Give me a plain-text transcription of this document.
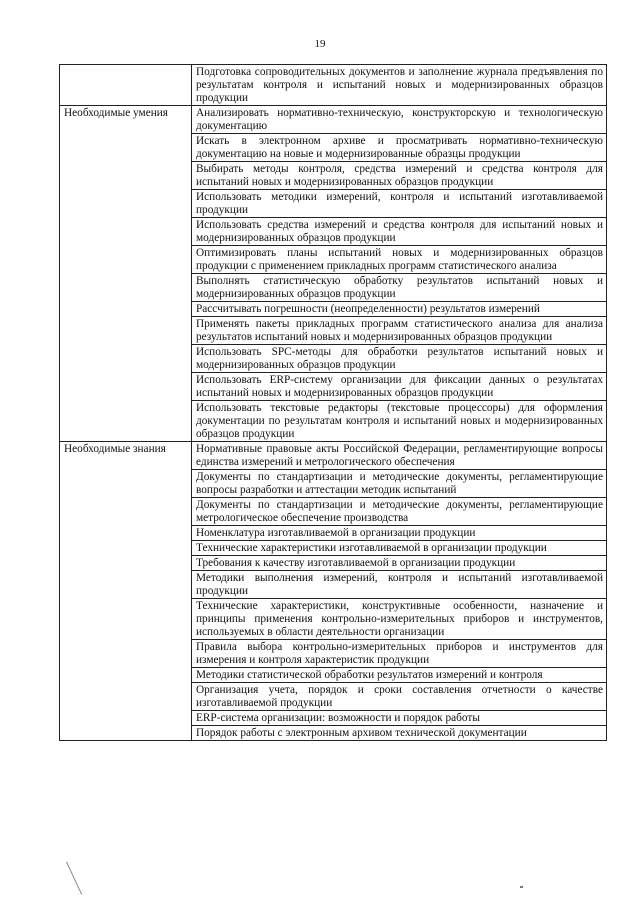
19
	Подготовка сопроводительных документов и заполнение журнала предъявления по результатам контроля и испытаний новых и модернизированных образцов продукции
Необходимые умения	Анализировать нормативно-техническую, конструкторскую и технологическую документацию
	Искать в электронном архиве и просматривать нормативно-техническую документацию на новые и модернизированные образцы продукции
	Выбирать методы контроля, средства измерений и средства контроля для испытаний новых и модернизированных образцов продукции
	Использовать методики измерений, контроля и испытаний изготавливаемой продукции
	Использовать средства измерений и средства контроля для испытаний новых и модернизированных образцов продукции
	Оптимизировать планы испытаний новых и модернизированных образцов продукции с применением прикладных программ статистического анализа
	Выполнять статистическую обработку результатов испытаний новых и модернизированных образцов продукции
	Рассчитывать погрешности (неопределенности) результатов измерений
	Применять пакеты прикладных программ статистического анализа для анализа результатов испытаний новых и модернизированных образцов продукции
	Использовать SPC-методы для обработки результатов испытаний новых и модернизированных образцов продукции
	Использовать ERP-систему организации для фиксации данных о результатах испытаний новых и модернизированных образцов продукции
	Использовать текстовые редакторы (текстовые процессоры) для оформления документации по результатам контроля и испытаний новых и модернизированных образцов продукции
Необходимые знания	Нормативные правовые акты Российской Федерации, регламентирующие вопросы единства измерений и метрологического обеспечения
	Документы по стандартизации и методические документы, регламентирующие вопросы разработки и аттестации методик испытаний
	Документы по стандартизации и методические документы, регламентирующие метрологическое обеспечение производства
	Номенклатура изготавливаемой в организации продукции
	Технические характеристики изготавливаемой в организации продукции
	Требования к качеству изготавливаемой в организации продукции
	Методики выполнения измерений, контроля и испытаний изготавливаемой продукции
	Технические характеристики, конструктивные особенности, назначение и принципы применения контрольно-измерительных приборов и инструментов, используемых в области деятельности организации
	Правила выбора контрольно-измерительных приборов и инструментов для измерения и контроля характеристик продукции
	Методики статистической обработки результатов измерений и контроля
	Организация учета, порядок и сроки составления отчетности о качестве изготавливаемой продукции
	ERP-система организации: возможности и порядок работы
	Порядок работы с электронным архивом технической документации
